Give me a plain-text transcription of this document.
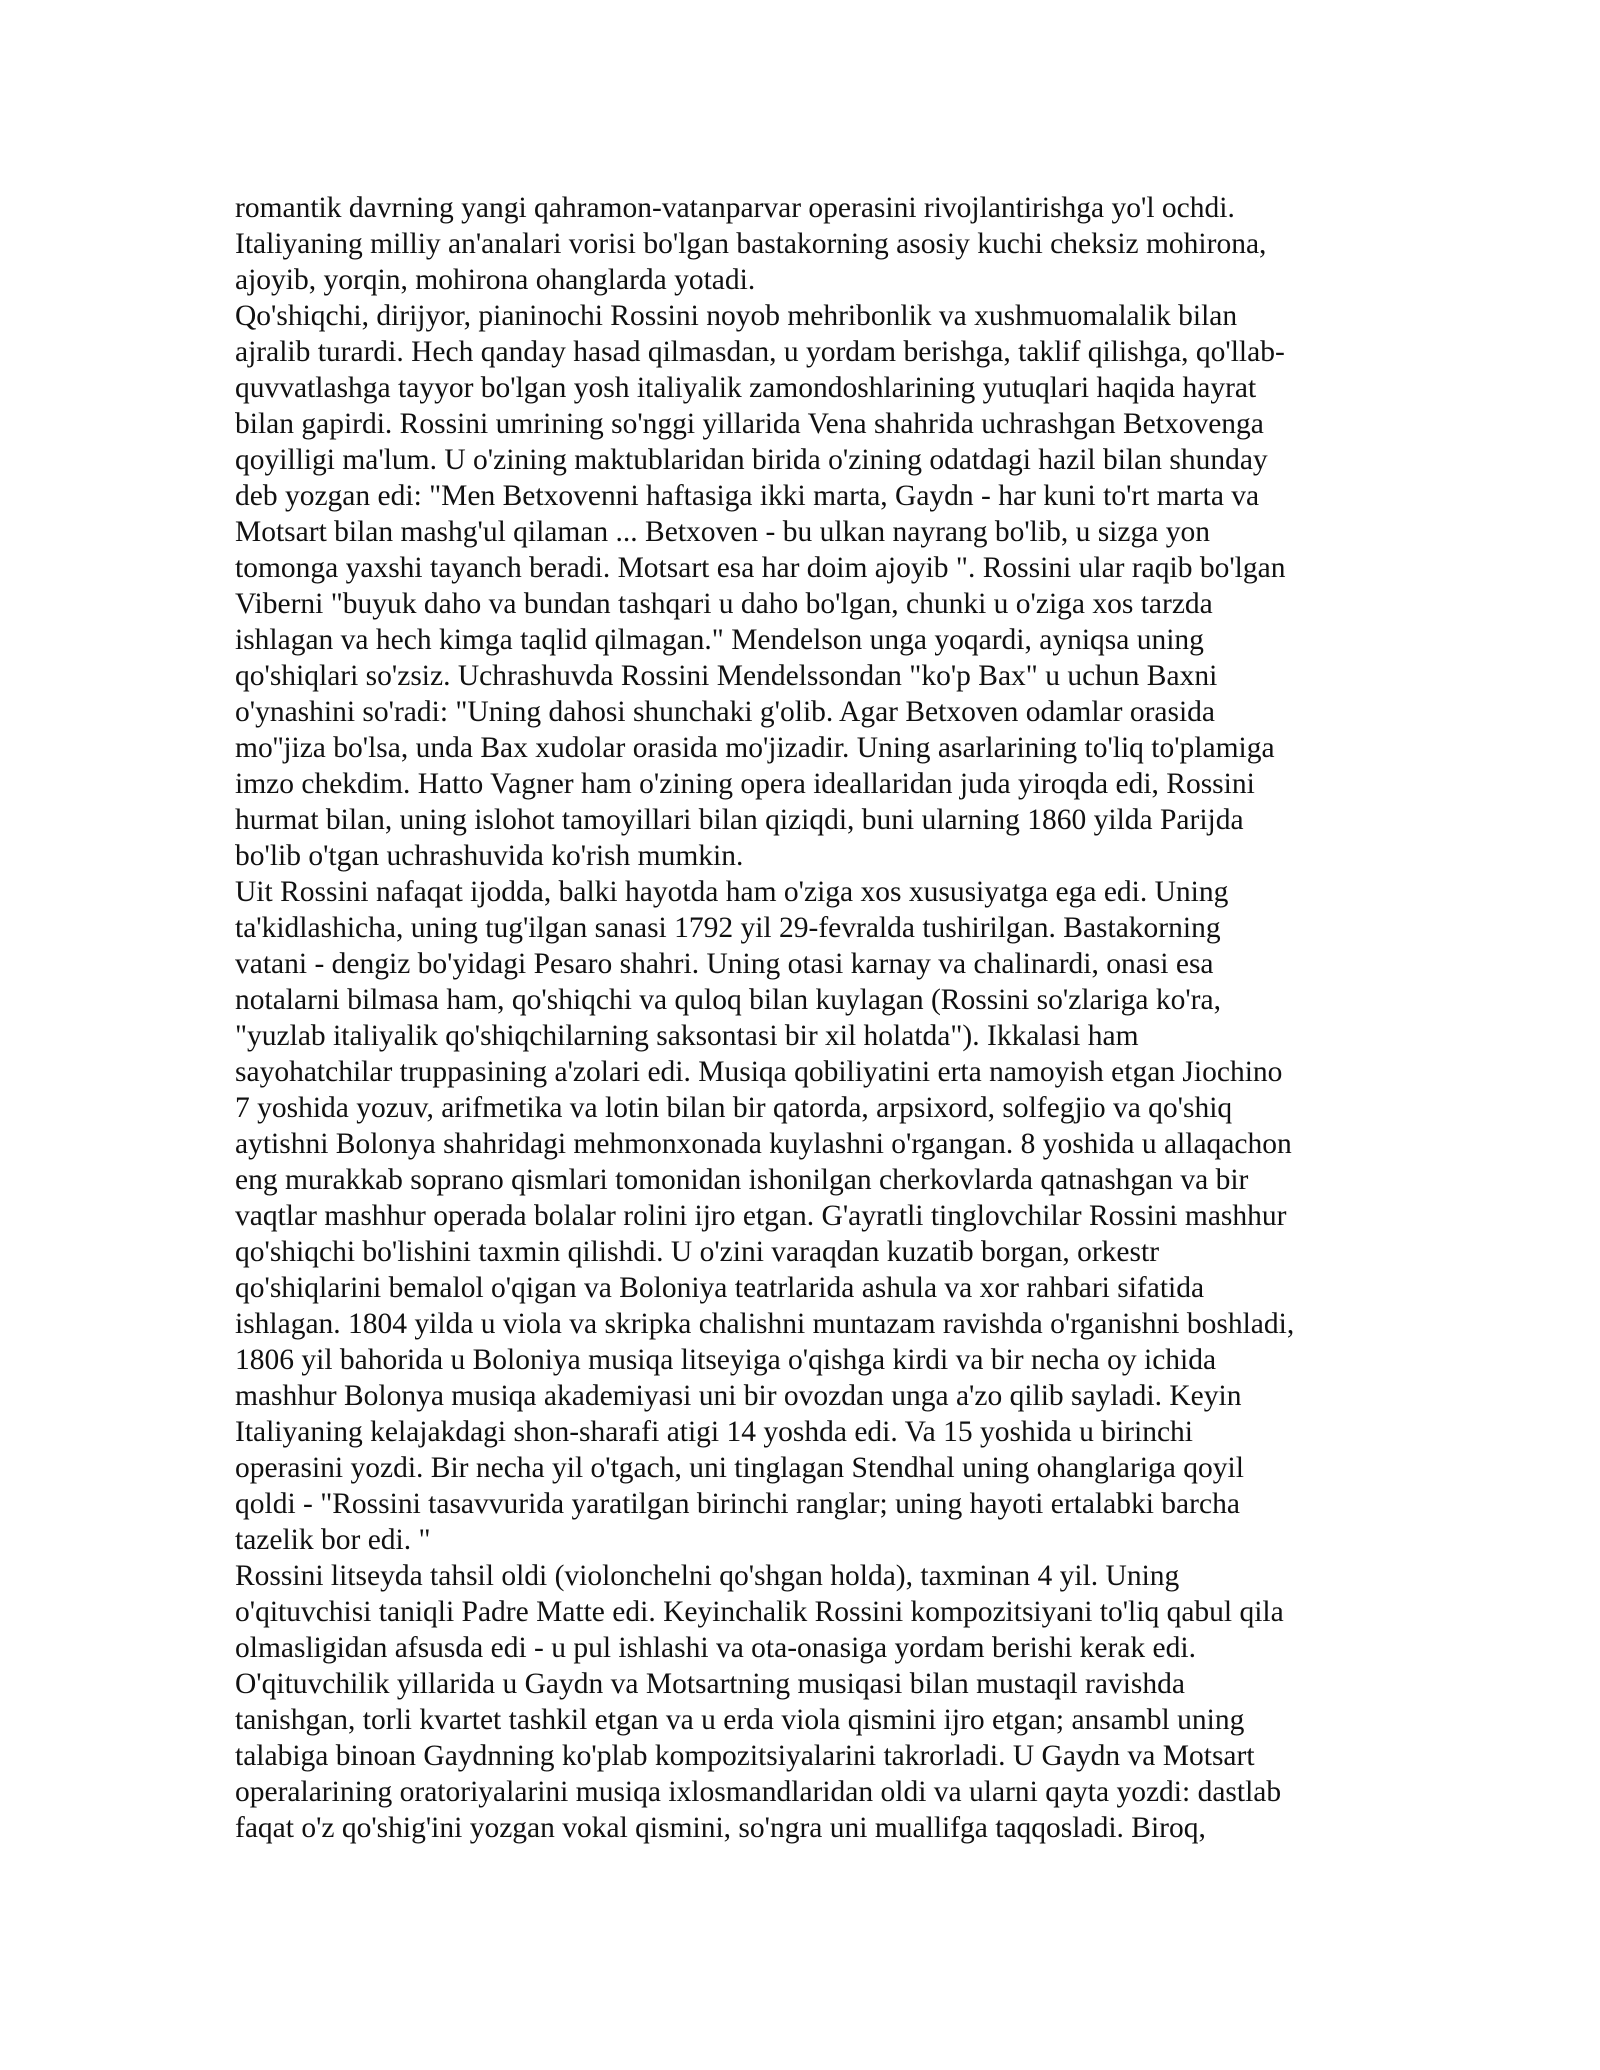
romantik davrning yangi qahramon-vatanparvar operasini rivojlantirishga yo'l ochdi.
Italiyaning milliy an'analari vorisi bo'lgan bastakorning asosiy kuchi cheksiz mohirona,
ajoyib, yorqin, mohirona ohanglarda yotadi.
Qo'shiqchi, dirijyor, pianinochi Rossini noyob mehribonlik va xushmuomalalik bilan
ajralib turardi. Hech qanday hasad qilmasdan, u yordam berishga, taklif qilishga, qo'llab-
quvvatlashga tayyor bo'lgan yosh italiyalik zamondoshlarining yutuqlari haqida hayrat
bilan gapirdi. Rossini umrining so'nggi yillarida Vena shahrida uchrashgan Betxovenga
qoyilligi ma'lum. U o'zining maktublaridan birida o'zining odatdagi hazil bilan shunday
deb yozgan edi: "Men Betxovenni haftasiga ikki marta, Gaydn - har kuni to'rt marta va
Motsart bilan mashg'ul qilaman ... Betxoven - bu ulkan nayrang bo'lib, u sizga yon
tomonga yaxshi tayanch beradi. Motsart esa har doim ajoyib ". Rossini ular raqib bo'lgan
Viberni "buyuk daho va bundan tashqari u daho bo'lgan, chunki u o'ziga xos tarzda
ishlagan va hech kimga taqlid qilmagan." Mendelson unga yoqardi, ayniqsa uning
qo'shiqlari so'zsiz. Uchrashuvda Rossini Mendelssondan "ko'p Bax" u uchun Baxni
o'ynashini so'radi: "Uning dahosi shunchaki g'olib. Agar Betxoven odamlar orasida
mo''jiza bo'lsa, unda Bax xudolar orasida mo'jizadir. Uning asarlarining to'liq to'plamiga
imzo chekdim. Hatto Vagner ham o'zining opera ideallaridan juda yiroqda edi, Rossini
hurmat bilan, uning islohot tamoyillari bilan qiziqdi, buni ularning 1860 yilda Parijda
bo'lib o'tgan uchrashuvida ko'rish mumkin.
Uit Rossini nafaqat ijodda, balki hayotda ham o'ziga xos xususiyatga ega edi. Uning
ta'kidlashicha, uning tug'ilgan sanasi 1792 yil 29-fevralda tushirilgan. Bastakorning
vatani - dengiz bo'yidagi Pesaro shahri. Uning otasi karnay va chalinardi, onasi esa
notalarni bilmasa ham, qo'shiqchi va quloq bilan kuylagan (Rossini so'zlariga ko'ra,
"yuzlab italiyalik qo'shiqchilarning saksontasi bir xil holatda"). Ikkalasi ham
sayohatchilar truppasining a'zolari edi. Musiqa qobiliyatini erta namoyish etgan Jiochino
7 yoshida yozuv, arifmetika va lotin bilan bir qatorda, arpsixord, solfegjio va qo'shiq
aytishni Bolonya shahridagi mehmonxonada kuylashni o'rgangan. 8 yoshida u allaqachon
eng murakkab soprano qismlari tomonidan ishonilgan cherkovlarda qatnashgan va bir
vaqtlar mashhur operada bolalar rolini ijro etgan. G'ayratli tinglovchilar Rossini mashhur
qo'shiqchi bo'lishini taxmin qilishdi. U o'zini varaqdan kuzatib borgan, orkestr
qo'shiqlarini bemalol o'qigan va Boloniya teatrlarida ashula va xor rahbari sifatida
ishlagan. 1804 yilda u viola va skripka chalishni muntazam ravishda o'rganishni boshladi,
1806 yil bahorida u Boloniya musiqa litseyiga o'qishga kirdi va bir necha oy ichida
mashhur Bolonya musiqa akademiyasi uni bir ovozdan unga a'zo qilib sayladi. Keyin
Italiyaning kelajakdagi shon-sharafi atigi 14 yoshda edi. Va 15 yoshida u birinchi
operasini yozdi. Bir necha yil o'tgach, uni tinglagan Stendhal uning ohanglariga qoyil
qoldi - "Rossini tasavvurida yaratilgan birinchi ranglar; uning hayoti ertalabki barcha
tazelik bor edi. "
Rossini litseyda tahsil oldi (violonchelni qo'shgan holda), taxminan 4 yil. Uning
o'qituvchisi taniqli Padre Matte edi. Keyinchalik Rossini kompozitsiyani to'liq qabul qila
olmasligidan afsusda edi - u pul ishlashi va ota-onasiga yordam berishi kerak edi.
O'qituvchilik yillarida u Gaydn va Motsartning musiqasi bilan mustaqil ravishda
tanishgan, torli kvartet tashkil etgan va u erda viola qismini ijro etgan; ansambl uning
talabiga binoan Gaydnning ko'plab kompozitsiyalarini takrorladi. U Gaydn va Motsart
operalarining oratoriyalarini musiqa ixlosmandlaridan oldi va ularni qayta yozdi: dastlab
faqat o'z qo'shig'ini yozgan vokal qismini, so'ngra uni muallifga taqqosladi. Biroq,
